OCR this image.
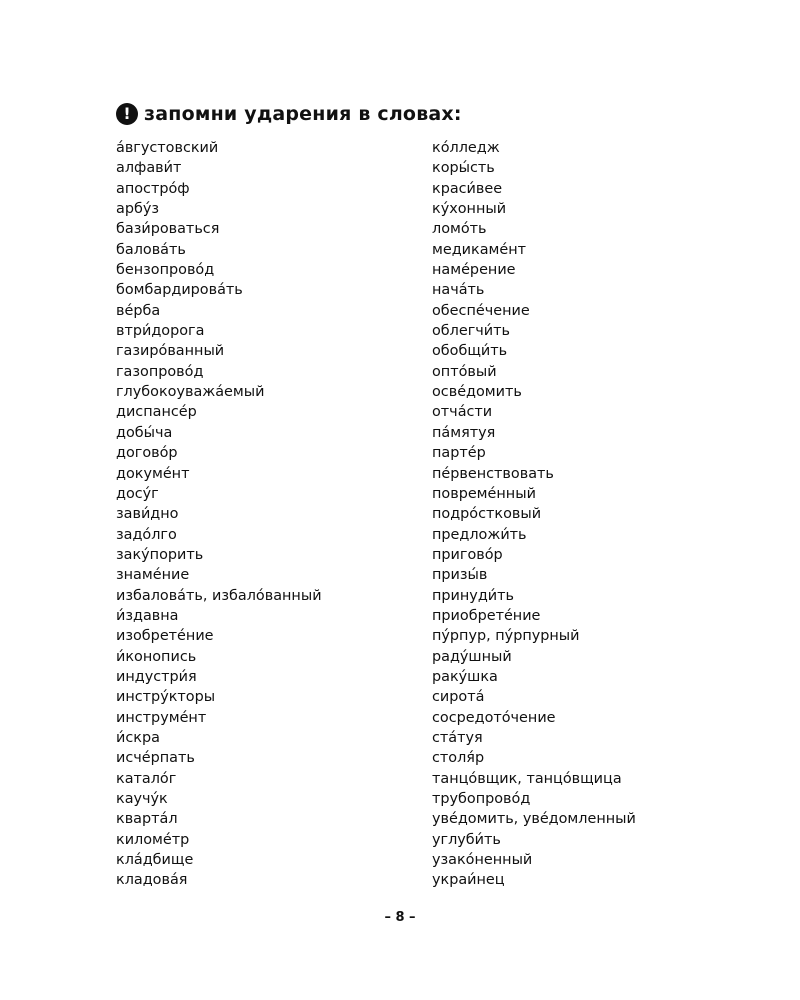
! запомни ударения в словах:
а́вгустовский
алфави́т
апостро́ф
арбу́з
бази́роваться
балова́ть
бензопрово́д
бомбардирова́ть
ве́рба
втри́дорога
газиро́ванный
газопрово́д
глубокоуважа́емый
диспансе́р
добы́ча
догово́р
докуме́нт
досу́г
зави́дно
задо́лго
заку́порить
знаме́ние
избалова́ть, избало́ванный
и́здавна
изобрете́ние
и́конопись
индустри́я
инстру́кторы
инструме́нт
и́скра
исче́рпать
катало́г
каучу́к
кварта́л
киломе́тр
кла́дбище
кладова́я
ко́лледж
коры́сть
краси́вее
ку́хонный
ломо́ть
медикаме́нт
наме́рение
нача́ть
обеспе́чение
облегчи́ть
обобщи́ть
опто́вый
осве́домить
отча́сти
па́мятуя
парте́р
пе́рвенствовать
повреме́нный
подро́стковый
предложи́ть
пригово́р
призы́в
принуди́ть
приобрете́ние
пу́рпур, пу́рпурный
раду́шный
раку́шка
сирота́
сосредото́чение
ста́туя
столя́р
танцо́вщик, танцо́вщица
трубопрово́д
уве́домить, уве́домленный
углуби́ть
узако́ненный
украи́нец
– 8 –
